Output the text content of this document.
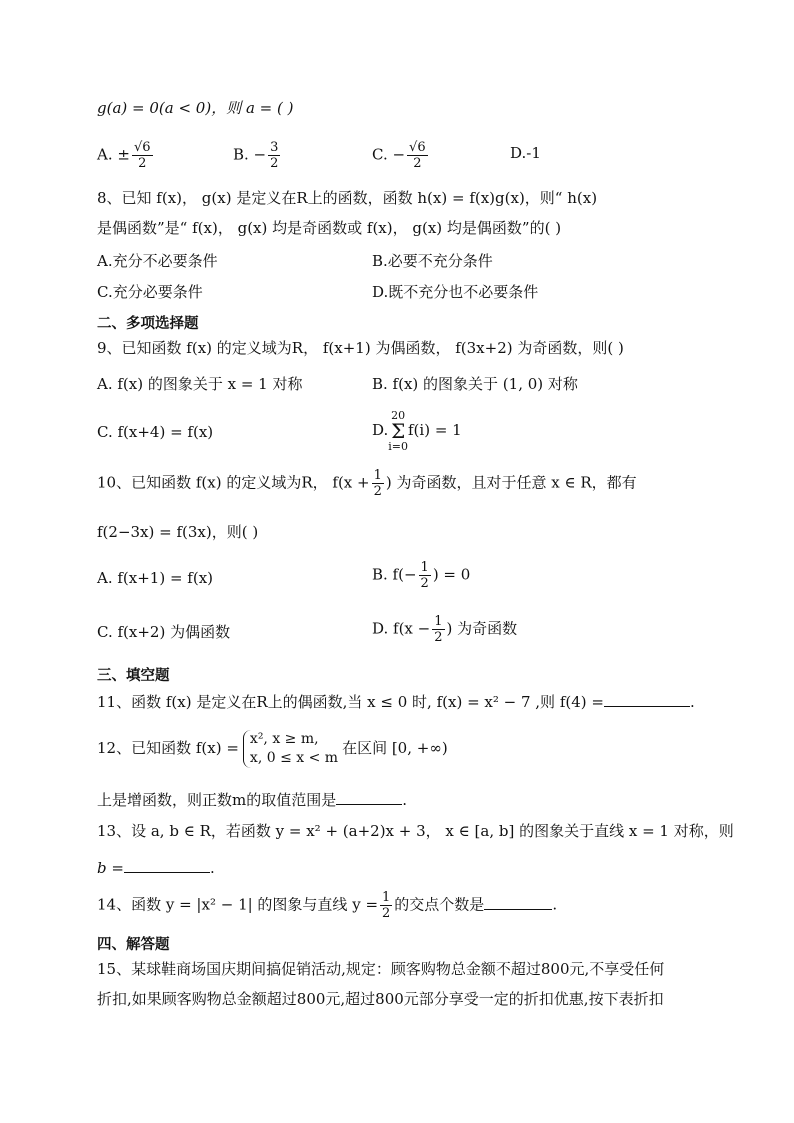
g(a) = 0(a < 0)，则 a = ( )
A. ± $\frac{√6}{2}$	B. − $\frac{3}{2}$	C. − $\frac{√6}{2}$	D.-1
8、已知 f(x)， g(x) 是定义在R上的函数，函数 h(x) = f(x)g(x)，则“ h(x)
是偶函数”是“ f(x)， g(x) 均是奇函数或 f(x)， g(x) 均是偶函数”的( )
A.充分不必要条件	B.必要不充分条件
C.充分必要条件	D.既不充分也不必要条件
二、多项选择题
9、已知函数 f(x) 的定义域为R， f(x+1) 为偶函数， f(3x+2) 为奇函数，则( )
A. f(x) 的图象关于 x = 1 对称	B. f(x) 的图象关于 (1, 0) 对称
C. f(x+4) = f(x)	D.20
Σ
i=0f(i) = 1
10、已知函数 f(x) 的定义域为R， $f(x + \frac{1}{2}$ ) 为奇函数，且对于任意 x ∈ R，都有
f(2−3x) = f(3x)，则( )
A. f(x+1) = f(x)	B. $f(- \frac{1}{2}$ ) = 0
C. f(x+2) 为偶函数	D. $f(x - \frac{1}{2}$ ) 为奇函数
三、填空题
11、函数 f(x) 是定义在R上的偶函数,当 x ≤ 0 时, f(x) = x² − 7 ,则 f(4) =	.
12、已知函数 f(x) = x², x ≥ m,
x, 0 ≤ x < m
在区间 [0, +∞)
上是增函数，则正数m的取值范围是	.
13、设 a, b ∈ R，若函数 y = x² + (a+2)x + 3， x ∈ [a, b] 的图象关于直线 x = 1 对称，则
b =	.
14、函数 y = |x² − 1| 的图象与直线 $y = \frac{1}{2}$ 的交点个数是	.
四、解答题
15、某球鞋商场国庆期间搞促销活动,规定：顾客购物总金额不超过800元,不享受任何
折扣,如果顾客购物总金额超过800元,超过800元部分享受一定的折扣优惠,按下表折扣
